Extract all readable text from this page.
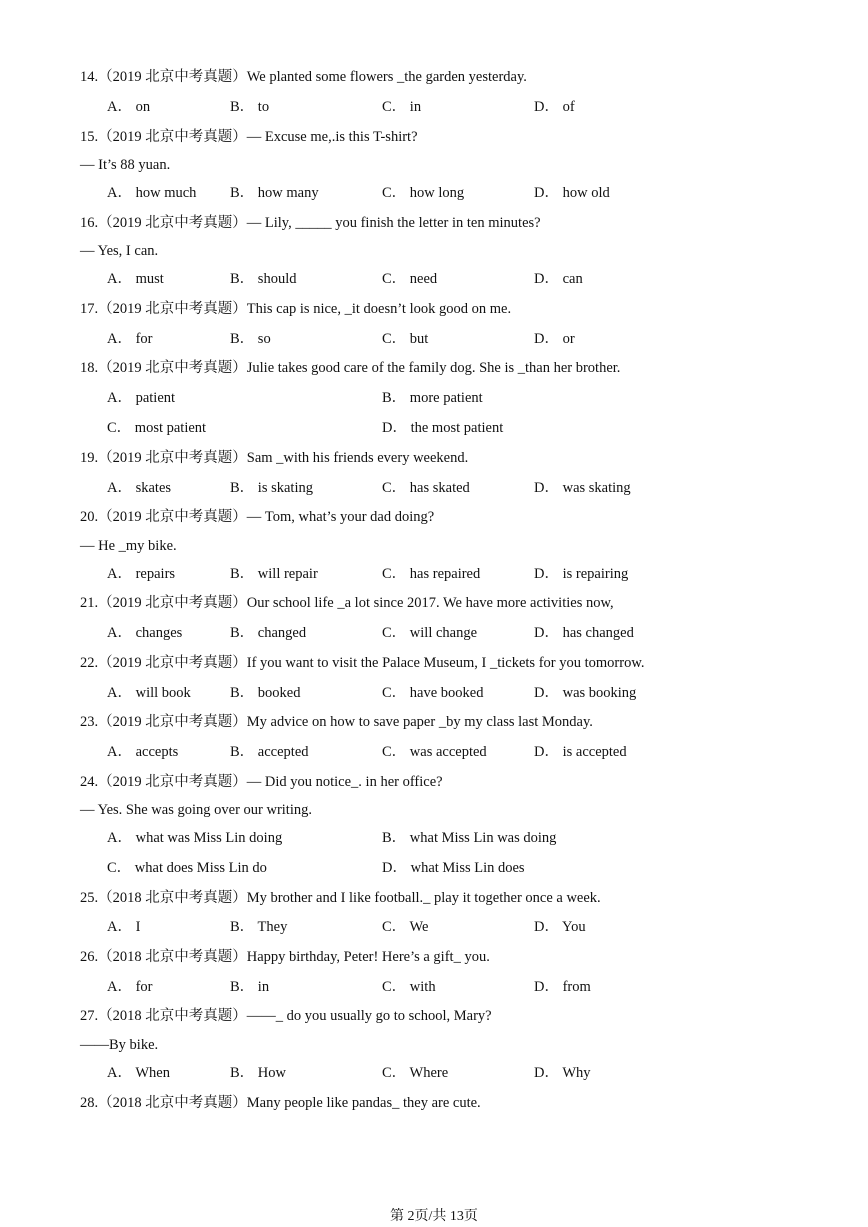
14.（2019 北京中考真题）We planted some flowers _the garden yesterday.
A． on	B． to	C． in	D． of
15.（2019 北京中考真题）— Excuse me,.is this T-shirt?
— It’s 88 yuan.
A． how much B． how many	C． how long	D． how old
16.（2019 北京中考真题）— Lily, _____ you finish the letter in ten minutes?
— Yes, I can.
A． must	B． should	C． need	D． can
17.（2019 北京中考真题）This cap is nice, _it doesn’t look good on me.
A． for	B． so	C． but	D． or
18.（2019 北京中考真题）Julie takes good care of the family dog. She is _than her brother.
A． patient	B． more patient
C． most patient	D． the most patient
19.（2019 北京中考真题）Sam _with his friends every weekend.
A． skates	B． is skating	C． has skated	D． was skating
20.（2019 北京中考真题）— Tom, what’s your dad doing?
— He _my bike.
A． repairs	B． will repair	C． has repaired	D． is repairing
21.（2019 北京中考真题）Our school life _a lot since 2017. We have more activities now,
A． changes	B． changed	C． will change	D． has changed
22.（2019 北京中考真题）If you want to visit the Palace Museum, I _tickets for you tomorrow.
A． will book	B． booked	C． have booked	D． was booking
23.（2019 北京中考真题）My advice on how to save paper _by my class last Monday.
A． accepts	B． accepted	C． was accepted	D． is accepted
24.（2019 北京中考真题）— Did you notice_. in her office?
— Yes. She was going over our writing.
A． what was Miss Lin doing	B． what Miss Lin was doing
C． what does Miss Lin do	D． what Miss Lin does
25.（2018 北京中考真题）My brother and I like football._ play it together once a week.
A． I	B． They	C． We	D． You
26.（2018 北京中考真题）Happy birthday, Peter! Here’s a gift_ you.
A． for	B． in	C． with	D． from
27.（2018 北京中考真题）——_ do you usually go to school, Mary?
——By bike.
A． When	B． How	C． Where	D． Why
28.（2018 北京中考真题）Many people like pandas_ they are cute.
第 2页/共 13页
